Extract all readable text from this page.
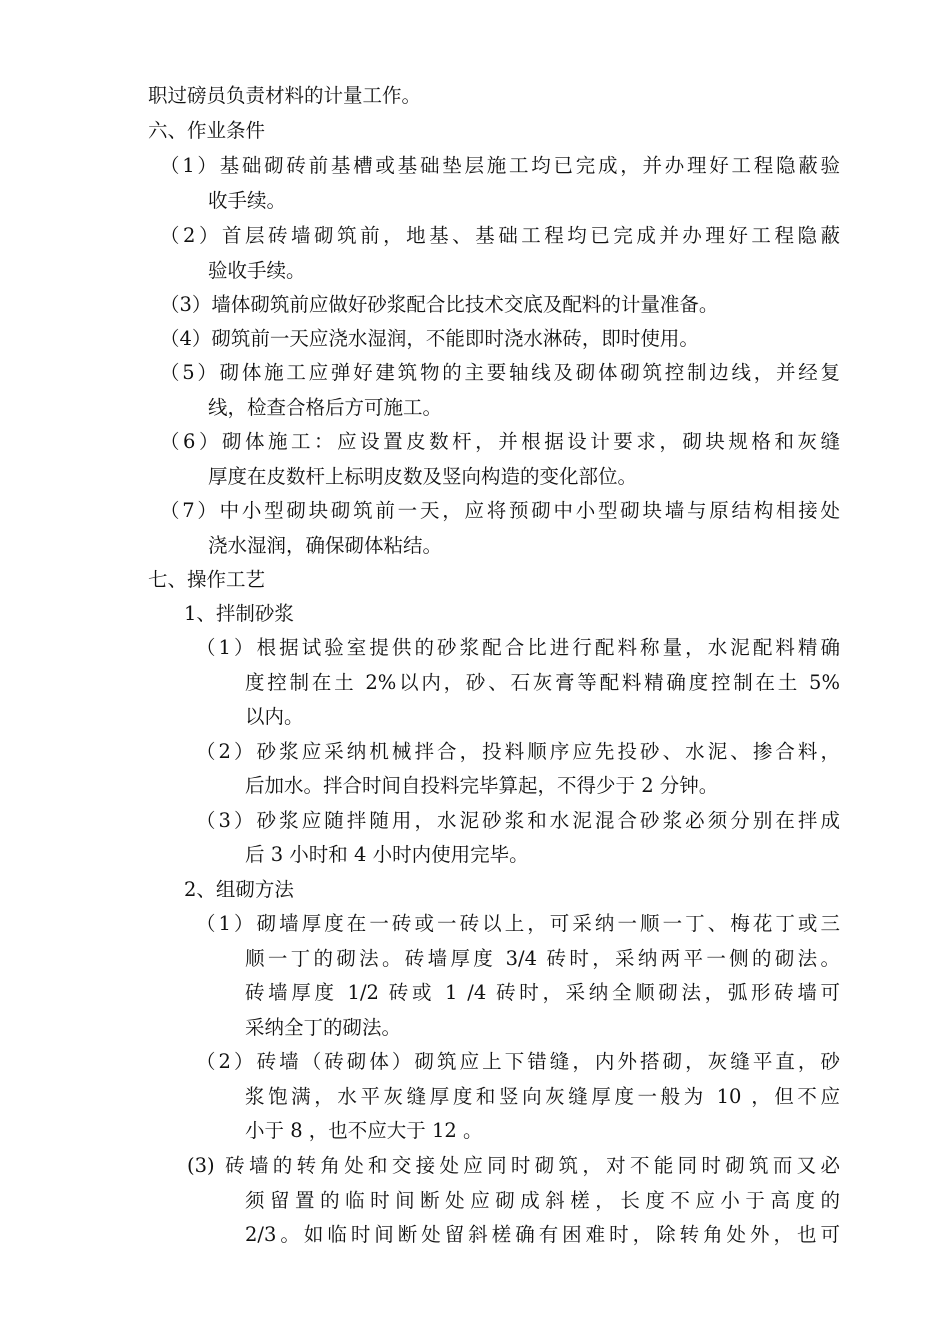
职过磅员负责材料的计量工作。
六、作业条件
（1）基础砌砖前基槽或基础垫层施工均已完成，并办理好工程隐蔽验
收手续。
（2）首层砖墙砌筑前，地基、基础工程均已完成并办理好工程隐蔽
验收手续。
（3）墙体砌筑前应做好砂浆配合比技术交底及配料的计量准备。
（4）砌筑前一天应浇水湿润，不能即时浇水淋砖，即时使用。
（5）砌体施工应弹好建筑物的主要轴线及砌体砌筑控制边线，并经复
线，检查合格后方可施工。
（6）砌体施工：应设置皮数杆，并根据设计要求，砌块规格和灰缝
厚度在皮数杆上标明皮数及竖向构造的变化部位。
（7）中小型砌块砌筑前一天，应将预砌中小型砌块墙与原结构相接处
浇水湿润，确保砌体粘结。
七、操作工艺
1、拌制砂浆
（1）根据试验室提供的砂浆配合比进行配料称量，水泥配料精确
度控制在土 2%以内，砂、石灰膏等配料精确度控制在土 5%
以内。
（2）砂浆应采纳机械拌合，投料顺序应先投砂、水泥、掺合料，
后加水。拌合时间自投料完毕算起，不得少于 2 分钟。
（3）砂浆应随拌随用，水泥砂浆和水泥混合砂浆必须分别在拌成
后 3 小时和 4 小时内使用完毕。
2、组砌方法
（1）砌墙厚度在一砖或一砖以上，可采纳一顺一丁、梅花丁或三
顺一丁的砌法。砖墙厚度 3/4 砖时，采纳两平一侧的砌法。
砖墙厚度 1/2 砖或 1 /4 砖时，采纳全顺砌法，弧形砖墙可
采纳全丁的砌法。
（2）砖墙（砖砌体）砌筑应上下错缝，内外搭砌，灰缝平直，砂
浆饱满，水平灰缝厚度和竖向灰缝厚度一般为 10 ，但不应
小于 8 ，也不应大于 12 。
(3) 砖墙的转角处和交接处应同时砌筑，对不能同时砌筑而又必
须留置的临时间断处应砌成斜槎，长度不应小于高度的
2/3。如临时间断处留斜槎确有困难时，除转角处外，也可
